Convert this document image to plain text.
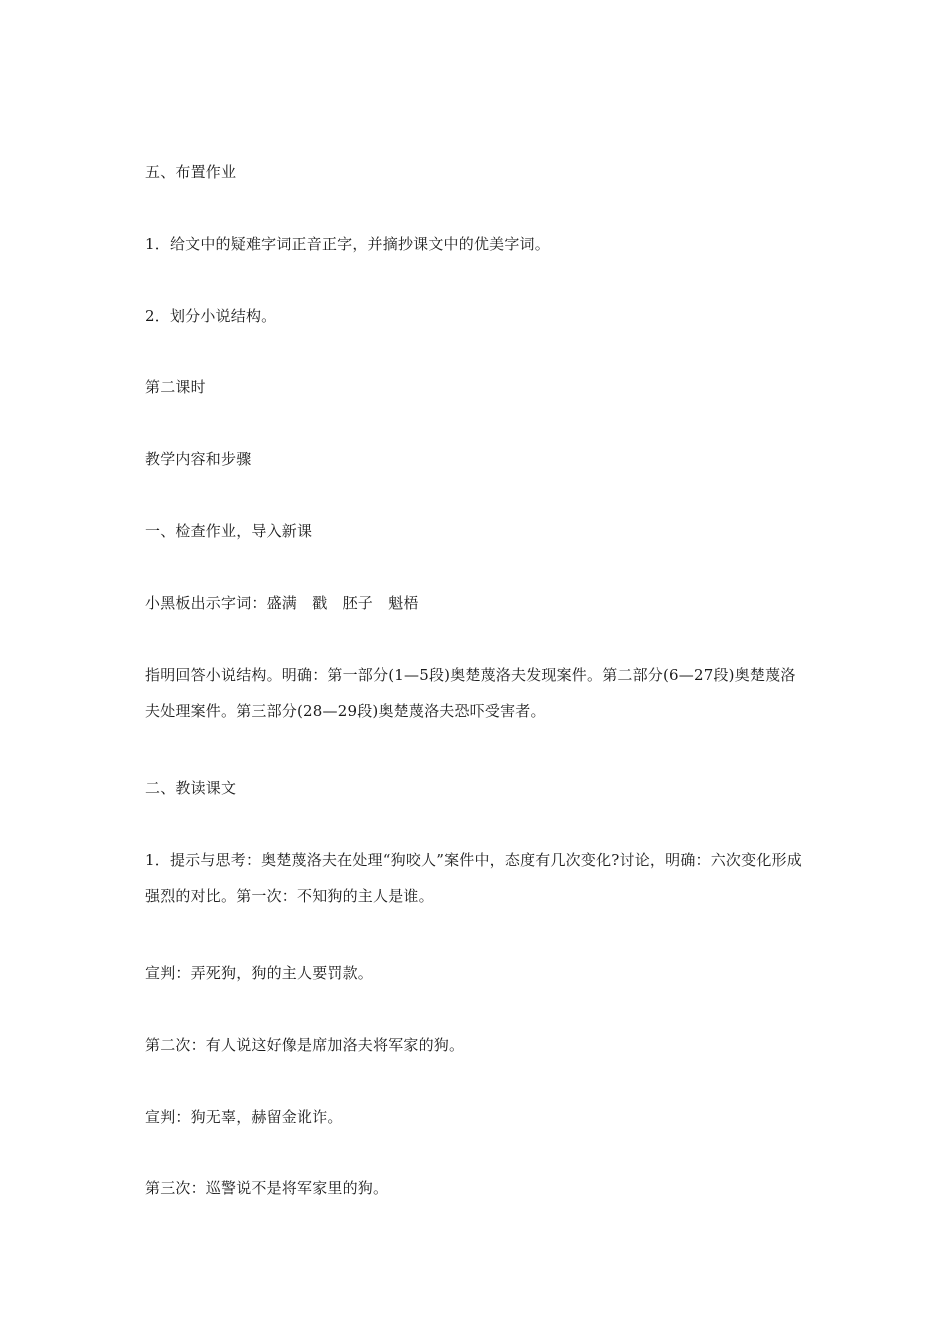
五、布置作业

1．给文中的疑难字词正音正字，并摘抄课文中的优美字词。

2．划分小说结构。

第二课时

教学内容和步骤

一、检查作业，导入新课

小黑板出示字词：盛满　戳　胚子　魁梧

指明回答小说结构。明确：第一部分(1—5段)奥楚蔑洛夫发现案件。第二部分(6—27段)奥楚蔑洛夫处理案件。第三部分(28—29段)奥楚蔑洛夫恐吓受害者。

二、教读课文

1．提示与思考：奥楚蔑洛夫在处理“狗咬人”案件中，态度有几次变化?讨论，明确：六次变化形成强烈的对比。第一次：不知狗的主人是谁。

宣判：弄死狗，狗的主人要罚款。

第二次：有人说这好像是席加洛夫将军家的狗。

宣判：狗无辜，赫留金讹诈。

第三次：巡警说不是将军家里的狗。
